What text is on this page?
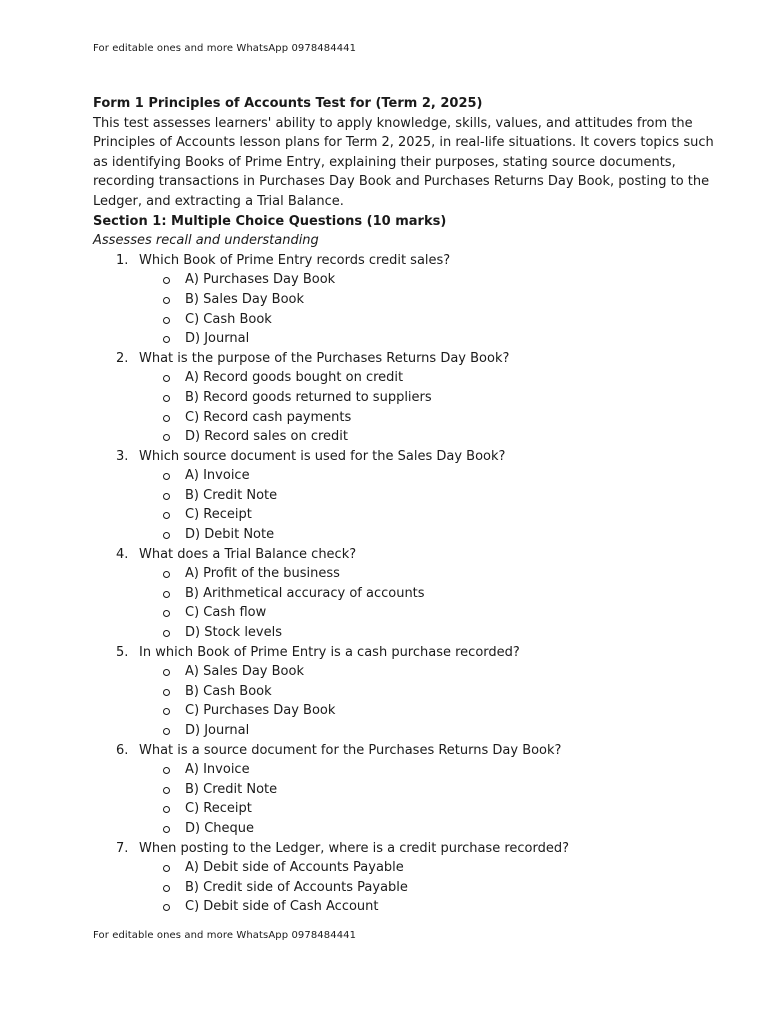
For editable ones and more WhatsApp 0978484441
Form 1 Principles of Accounts Test for (Term 2, 2025)
This test assesses learners' ability to apply knowledge, skills, values, and attitudes from the
Principles of Accounts lesson plans for Term 2, 2025, in real-life situations. It covers topics such
as identifying Books of Prime Entry, explaining their purposes, stating source documents,
recording transactions in Purchases Day Book and Purchases Returns Day Book, posting to the
Ledger, and extracting a Trial Balance.
Section 1: Multiple Choice Questions (10 marks)
Assesses recall and understanding
1. Which Book of Prime Entry records credit sales?
A) Purchases Day Book
B) Sales Day Book
C) Cash Book
D) Journal
2. What is the purpose of the Purchases Returns Day Book?
A) Record goods bought on credit
B) Record goods returned to suppliers
C) Record cash payments
D) Record sales on credit
3. Which source document is used for the Sales Day Book?
A) Invoice
B) Credit Note
C) Receipt
D) Debit Note
4. What does a Trial Balance check?
A) Profit of the business
B) Arithmetical accuracy of accounts
C) Cash flow
D) Stock levels
5. In which Book of Prime Entry is a cash purchase recorded?
A) Sales Day Book
B) Cash Book
C) Purchases Day Book
D) Journal
6. What is a source document for the Purchases Returns Day Book?
A) Invoice
B) Credit Note
C) Receipt
D) Cheque
7. When posting to the Ledger, where is a credit purchase recorded?
A) Debit side of Accounts Payable
B) Credit side of Accounts Payable
C) Debit side of Cash Account
For editable ones and more WhatsApp 0978484441
